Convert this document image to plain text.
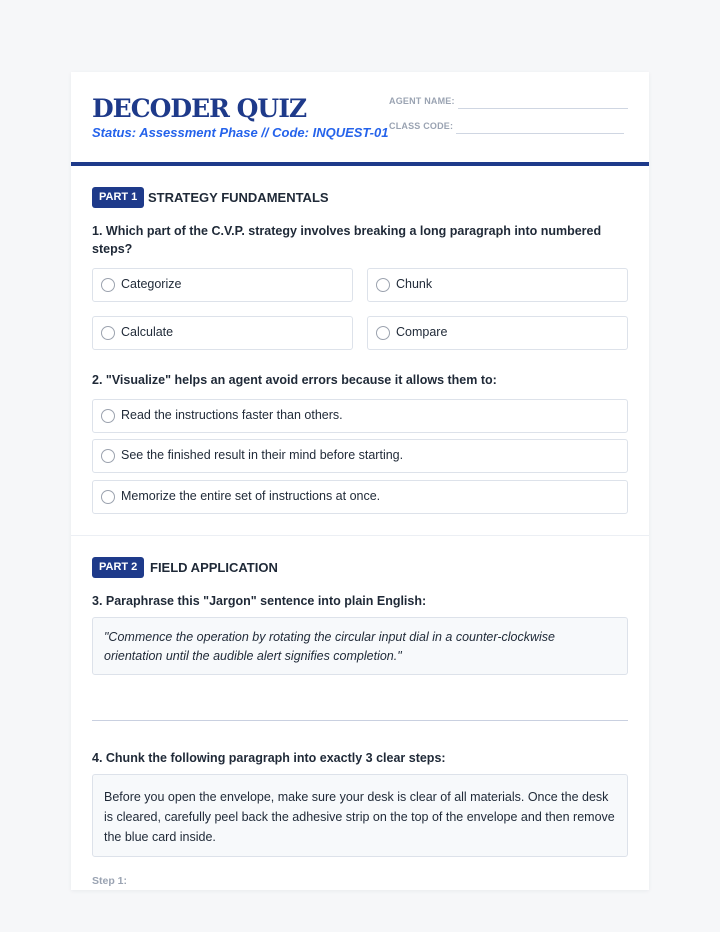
DECODER QUIZ
Status: Assessment Phase // Code: INQUEST-01
AGENT NAME:
CLASS CODE:
PART 1 STRATEGY FUNDAMENTALS
1. Which part of the C.V.P. strategy involves breaking a long paragraph into numbered steps?
Categorize	Chunk
Calculate	Compare
2. "Visualize" helps an agent avoid errors because it allows them to:
Read the instructions faster than others.
See the finished result in their mind before starting.
Memorize the entire set of instructions at once.
PART 2 FIELD APPLICATION
3. Paraphrase this "Jargon" sentence into plain English:
"Commence the operation by rotating the circular input dial in a counter-clockwise orientation until the audible alert signifies completion."
4. Chunk the following paragraph into exactly 3 clear steps:
Before you open the envelope, make sure your desk is clear of all materials. Once the desk is cleared, carefully peel back the adhesive strip on the top of the envelope and then remove the blue card inside.
Step 1:
